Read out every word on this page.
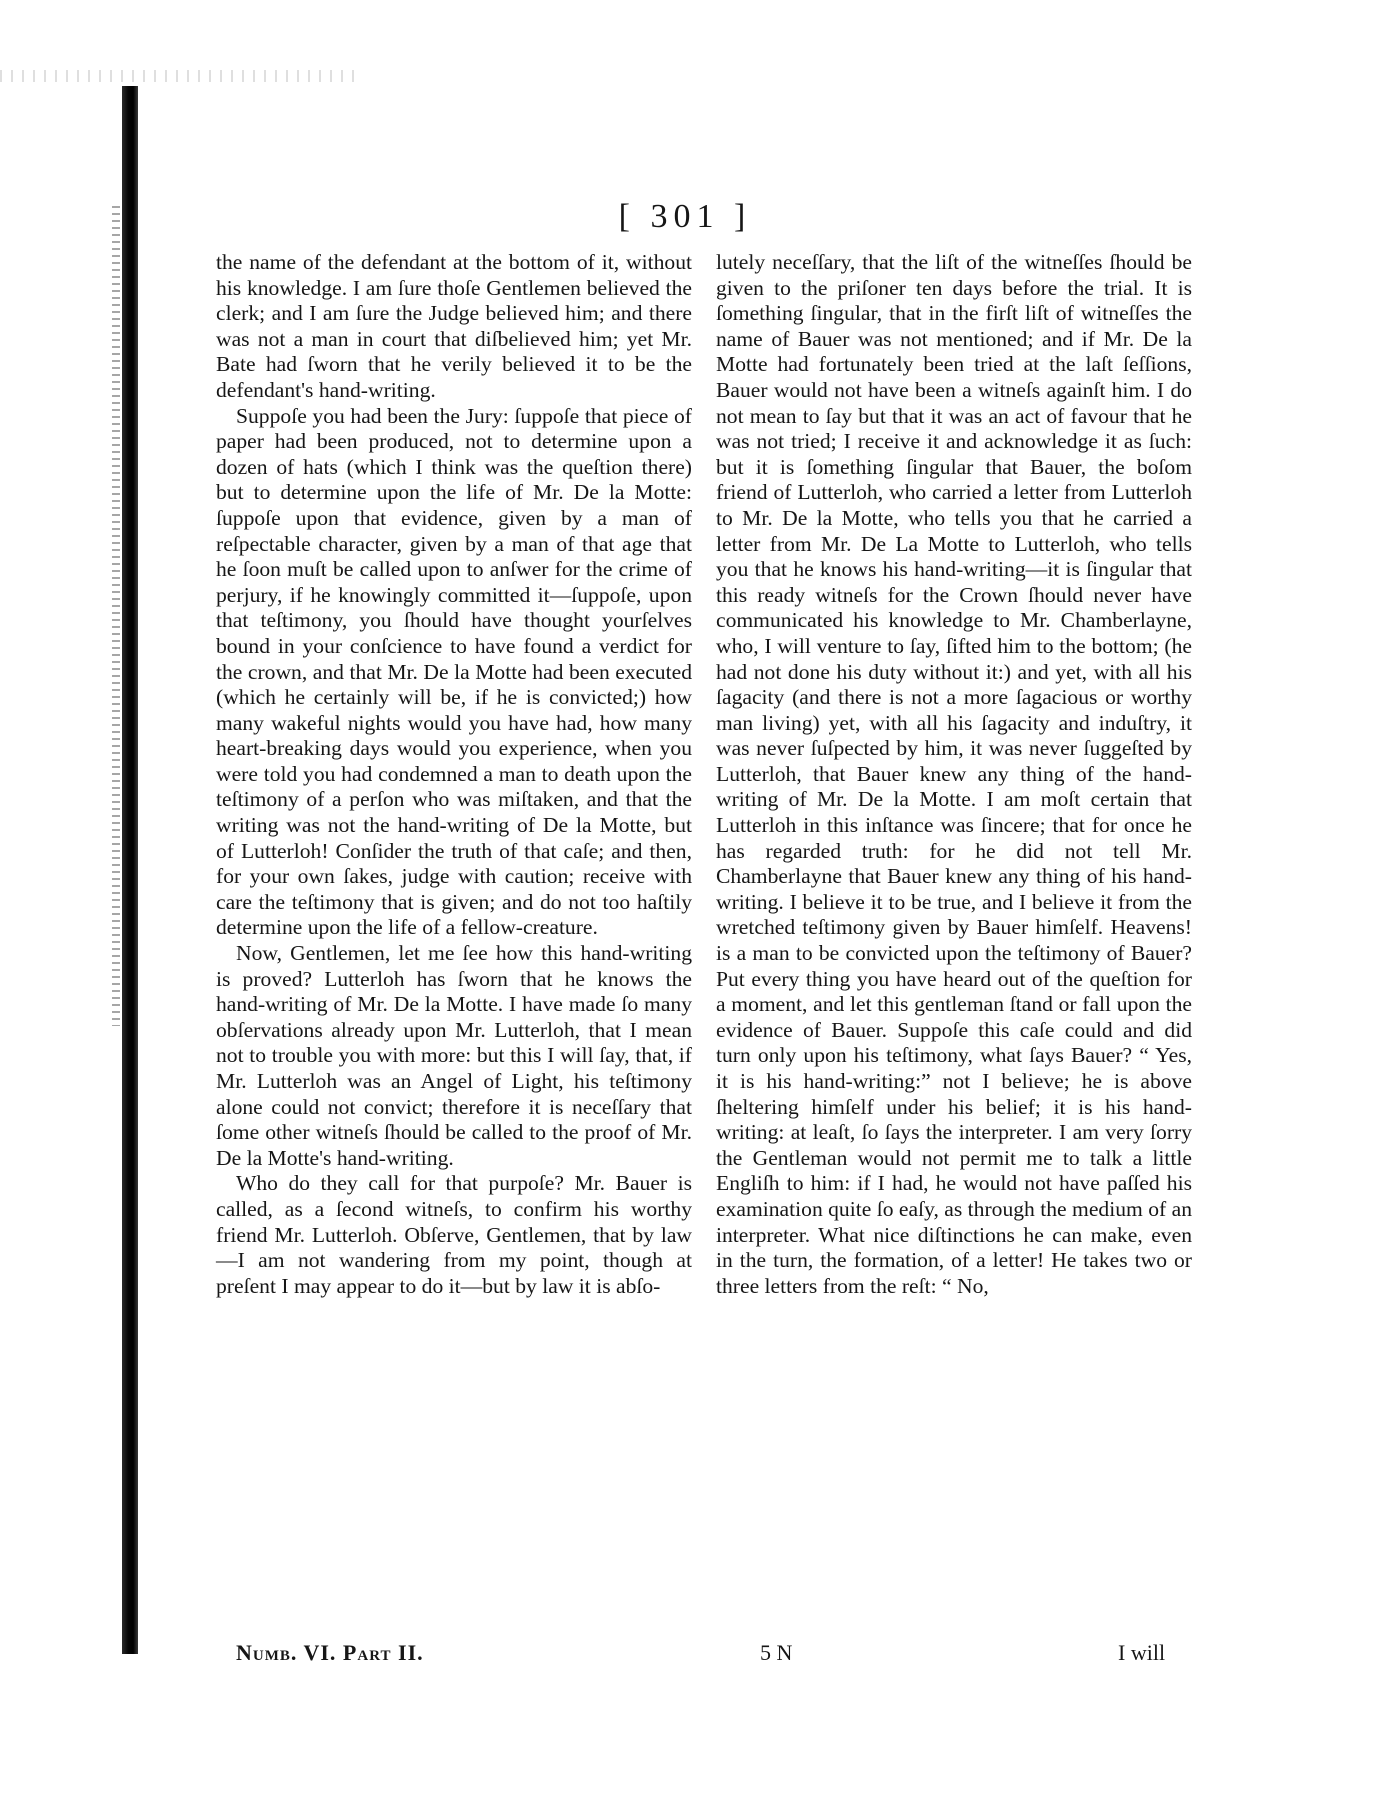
[ 301 ]

the name of the defendant at the bottom of it, without his knowledge. I am ſure thoſe Gentlemen believed the clerk; and I am ſure the Judge believed him; and there was not a man in court that diſbelieved him; yet Mr. Bate had ſworn that he verily believed it to be the defendant's hand-writing.

Suppoſe you had been the Jury: ſuppoſe that piece of paper had been produced, not to determine upon a dozen of hats (which I think was the queſtion there) but to determine upon the life of Mr. De la Motte: ſuppoſe upon that evidence, given by a man of reſpectable character, given by a man of that age that he ſoon muſt be called upon to anſwer for the crime of perjury, if he knowingly committed it—ſuppoſe, upon that teſtimony, you ſhould have thought yourſelves bound in your conſcience to have found a verdict for the crown, and that Mr. De la Motte had been executed (which he certainly will be, if he is convicted;) how many wakeful nights would you have had, how many heart-breaking days would you experience, when you were told you had condemned a man to death upon the teſtimony of a perſon who was miſtaken, and that the writing was not the hand-writing of De la Motte, but of Lutterloh! Conſider the truth of that caſe; and then, for your own ſakes, judge with caution; receive with care the teſtimony that is given; and do not too haſtily determine upon the life of a fellow-creature.

Now, Gentlemen, let me ſee how this hand-writing is proved? Lutterloh has ſworn that he knows the hand-writing of Mr. De la Motte. I have made ſo many obſervations already upon Mr. Lutterloh, that I mean not to trouble you with more: but this I will ſay, that, if Mr. Lutterloh was an Angel of Light, his teſtimony alone could not convict; therefore it is neceſſary that ſome other witneſs ſhould be called to the proof of Mr. De la Motte's hand-writing.

Who do they call for that purpoſe? Mr. Bauer is called, as a ſecond witneſs, to confirm his worthy friend Mr. Lutterloh. Obſerve, Gentlemen, that by law—I am not wandering from my point, though at preſent I may appear to do it—but by law it is abſo-

lutely neceſſary, that the liſt of the witneſſes ſhould be given to the priſoner ten days before the trial. It is ſomething ſingular, that in the firſt liſt of witneſſes the name of Bauer was not mentioned; and if Mr. De la Motte had fortunately been tried at the laſt ſeſſions, Bauer would not have been a witneſs againſt him. I do not mean to ſay but that it was an act of favour that he was not tried; I receive it and acknowledge it as ſuch: but it is ſomething ſingular that Bauer, the boſom friend of Lutterloh, who carried a letter from Lutterloh to Mr. De la Motte, who tells you that he carried a letter from Mr. De La Motte to Lutterloh, who tells you that he knows his hand-writing—it is ſingular that this ready witneſs for the Crown ſhould never have communicated his knowledge to Mr. Chamberlayne, who, I will venture to ſay, ſifted him to the bottom; (he had not done his duty without it:) and yet, with all his ſagacity (and there is not a more ſagacious or worthy man living) yet, with all his ſagacity and induſtry, it was never ſuſpected by him, it was never ſuggeſted by Lutterloh, that Bauer knew any thing of the hand-writing of Mr. De la Motte. I am moſt certain that Lutterloh in this inſtance was ſincere; that for once he has regarded truth: for he did not tell Mr. Chamberlayne that Bauer knew any thing of his hand-writing. I believe it to be true, and I believe it from the wretched teſtimony given by Bauer himſelf. Heavens! is a man to be convicted upon the teſtimony of Bauer? Put every thing you have heard out of the queſtion for a moment, and let this gentleman ſtand or fall upon the evidence of Bauer. Suppoſe this caſe could and did turn only upon his teſtimony, what ſays Bauer? “ Yes, it is his hand-writing:” not I believe; he is above ſheltering himſelf under his belief; it is his hand-writing: at leaſt, ſo ſays the interpreter. I am very ſorry the Gentleman would not permit me to talk a little Engliſh to him: if I had, he would not have paſſed his examination quite ſo eaſy, as through the medium of an interpreter. What nice diſtinctions he can make, even in the turn, the formation, of a letter! He takes two or three letters from the reſt: “ No,

Numb. VI. Part II.	5 N	I will
